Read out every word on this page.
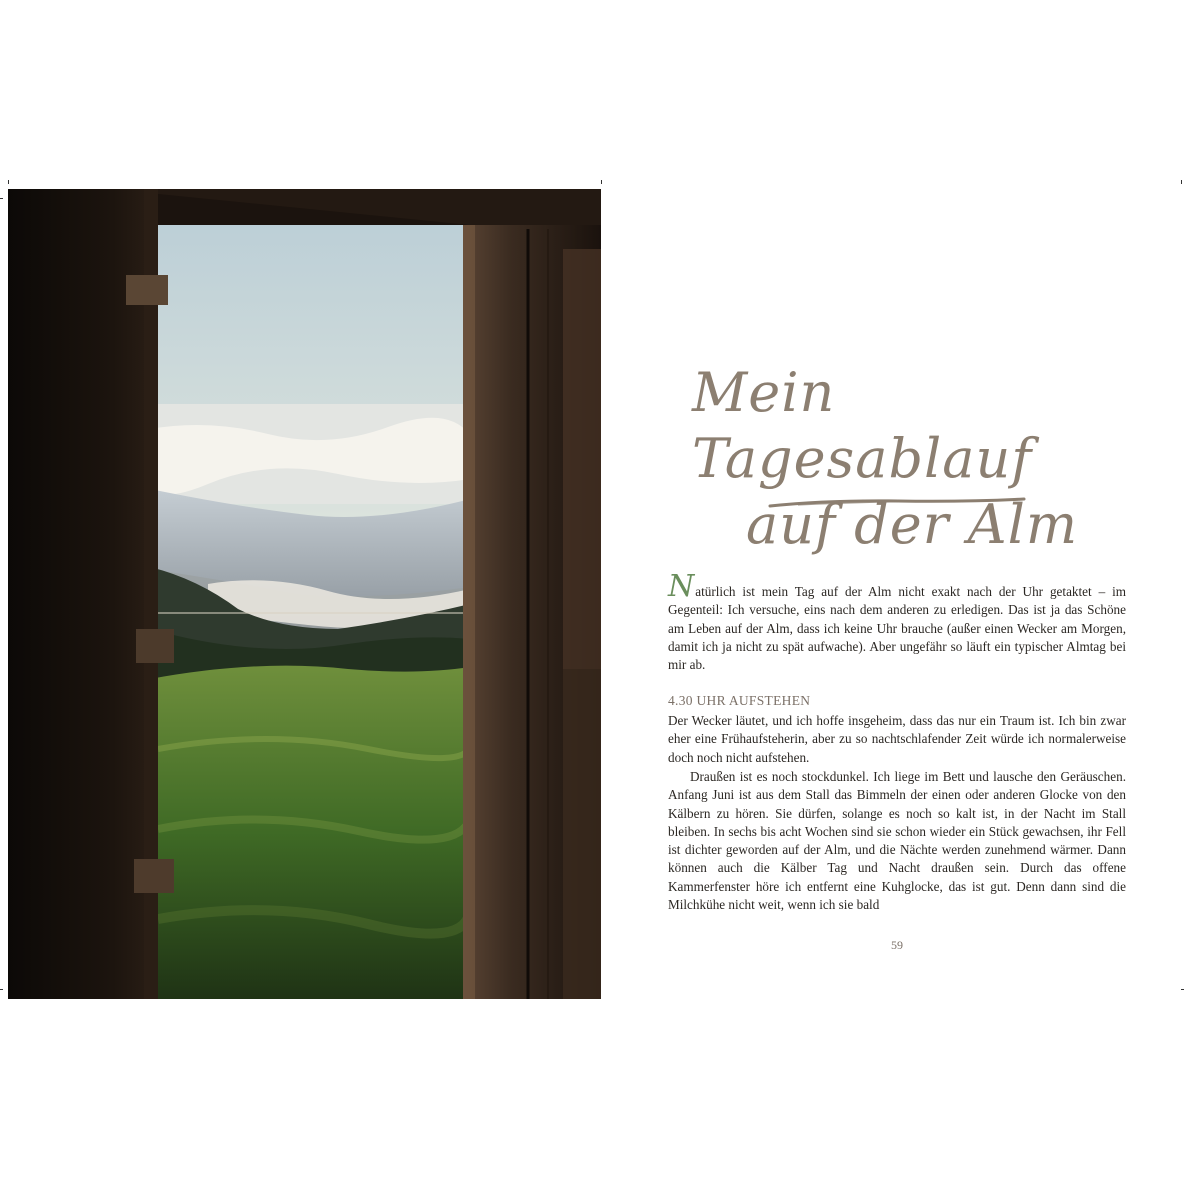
Mein Tagesablauf
auf der Alm

Natürlich ist mein Tag auf der Alm nicht exakt nach der Uhr getaktet – im Gegenteil: Ich versuche, eins nach dem anderen zu erledigen. Das ist ja das Schöne am Leben auf der Alm, dass ich keine Uhr brauche (außer einen Wecker am Morgen, damit ich ja nicht zu spät aufwache). Aber ungefähr so läuft ein typischer Almtag bei mir ab.

4.30 UHR AUFSTEHEN

Der Wecker läutet, und ich hoffe insgeheim, dass das nur ein Traum ist. Ich bin zwar eher eine Frühaufsteherin, aber zu so nachtschlafender Zeit würde ich normalerweise doch noch nicht aufstehen.

Draußen ist es noch stockdunkel. Ich liege im Bett und lausche den Geräuschen. Anfang Juni ist aus dem Stall das Bimmeln der einen oder anderen Glocke von den Kälbern zu hören. Sie dürfen, solange es noch so kalt ist, in der Nacht im Stall bleiben. In sechs bis acht Wochen sind sie schon wieder ein Stück gewachsen, ihr Fell ist dichter geworden auf der Alm, und die Nächte werden zunehmend wärmer. Dann können auch die Kälber Tag und Nacht draußen sein. Durch das offene Kammerfenster höre ich entfernt eine Kuhglocke, das ist gut. Denn dann sind die Milchkühe nicht weit, wenn ich sie bald

59
